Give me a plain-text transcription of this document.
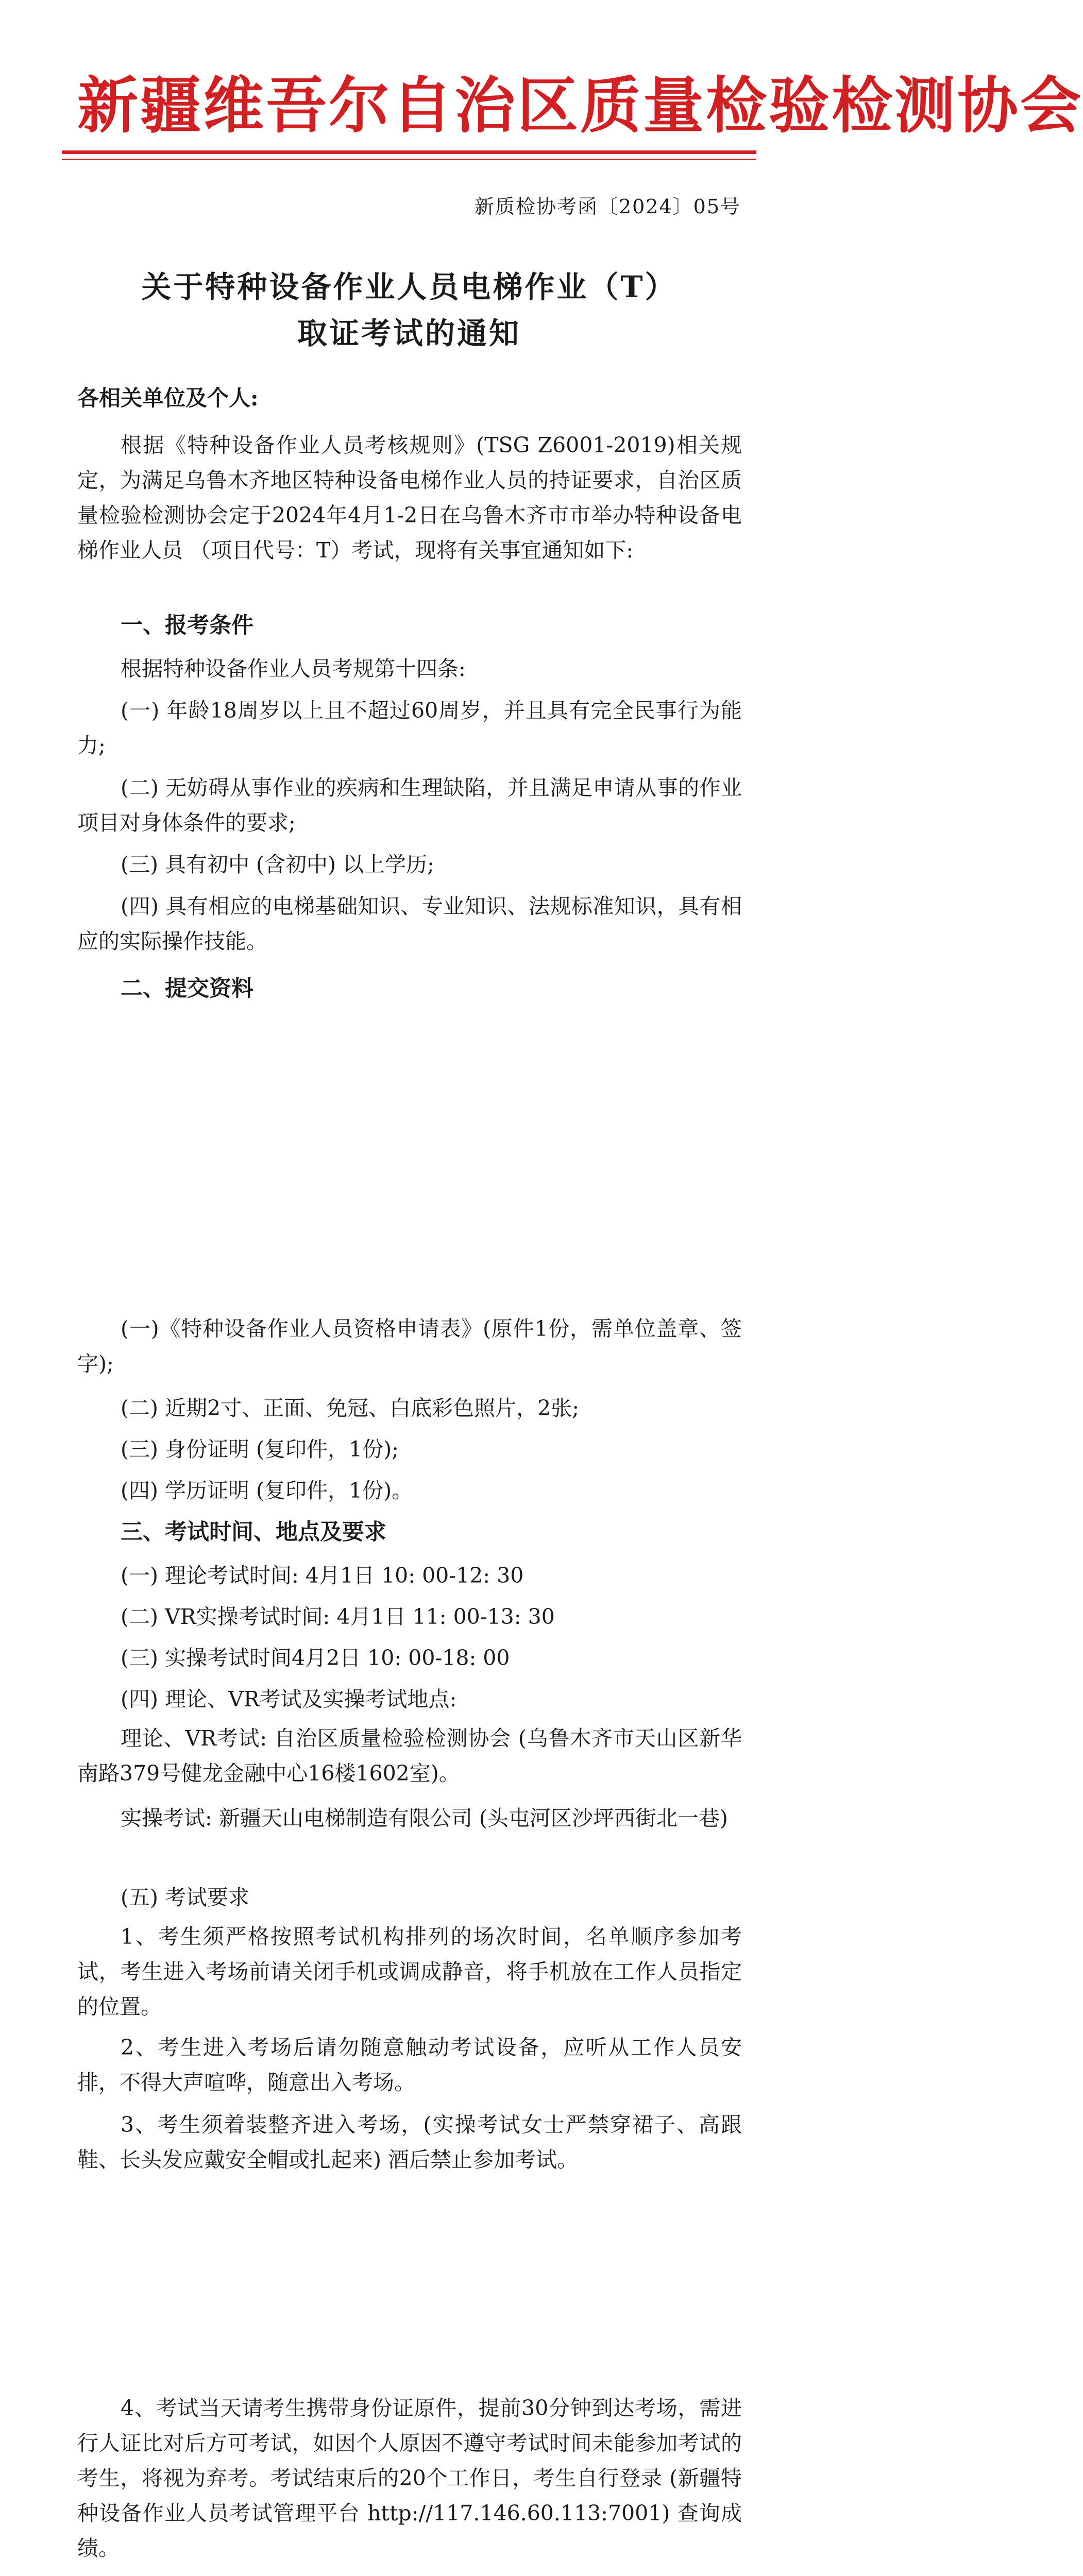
新疆维吾尔自治区质量检验检测协会
新质检协考函〔2024〕05号
关于特种设备作业人员电梯作业（T）
取证考试的通知
各相关单位及个人:

根据《特种设备作业人员考核规则》(TSG Z6001-2019)相关规定，为满足乌鲁木齐地区特种设备电梯作业人员的持证要求，自治区质量检验检测协会定于2024年4月1-2日在乌鲁木齐市市举办特种设备电梯作业人员 （项目代号：T）考试，现将有关事宜通知如下:

一、报考条件
根据特种设备作业人员考规第十四条:

(一) 年龄18周岁以上且不超过60周岁，并且具有完全民事行为能力;

(二) 无妨碍从事作业的疾病和生理缺陷，并且满足申请从事的作业项目对身体条件的要求;

(三) 具有初中 (含初中) 以上学历;

(四) 具有相应的电梯基础知识、专业知识、法规标准知识，具有相应的实际操作技能。

二、提交资料

(一)《特种设备作业人员资格申请表》(原件1份，需单位盖章、签字);

(二) 近期2寸、正面、免冠、白底彩色照片，2张;
(三) 身份证明 (复印件，1份);
(四) 学历证明 (复印件，1份)。
三、考试时间、地点及要求
(一) 理论考试时间: 4月1日 10: 00-12: 30
(二) VR实操考试时间: 4月1日 11: 00-13: 30
(三) 实操考试时间4月2日 10: 00-18: 00
(四) 理论、VR考试及实操考试地点:

理论、VR考试: 自治区质量检验检测协会 (乌鲁木齐市天山区新华南路379号健龙金融中心16楼1602室)。

实操考试: 新疆天山电梯制造有限公司 (头屯河区沙坪西街北一巷)

(五) 考试要求

1、考生须严格按照考试机构排列的场次时间，名单顺序参加考试，考生进入考场前请关闭手机或调成静音，将手机放在工作人员指定的位置。

2、考生进入考场后请勿随意触动考试设备，应听从工作人员安排，不得大声喧哗，随意出入考场。

3、考生须着装整齐进入考场，(实操考试女士严禁穿裙子、高跟鞋、长头发应戴安全帽或扎起来) 酒后禁止参加考试。

4、考试当天请考生携带身份证原件，提前30分钟到达考场，需进行人证比对后方可考试，如因个人原因不遵守考试时间未能参加考试的考生，将视为弃考。考试结束后的20个工作日，考生自行登录 (新疆特种设备作业人员考试管理平台 http://117.146.60.113:7001) 查询成绩。
